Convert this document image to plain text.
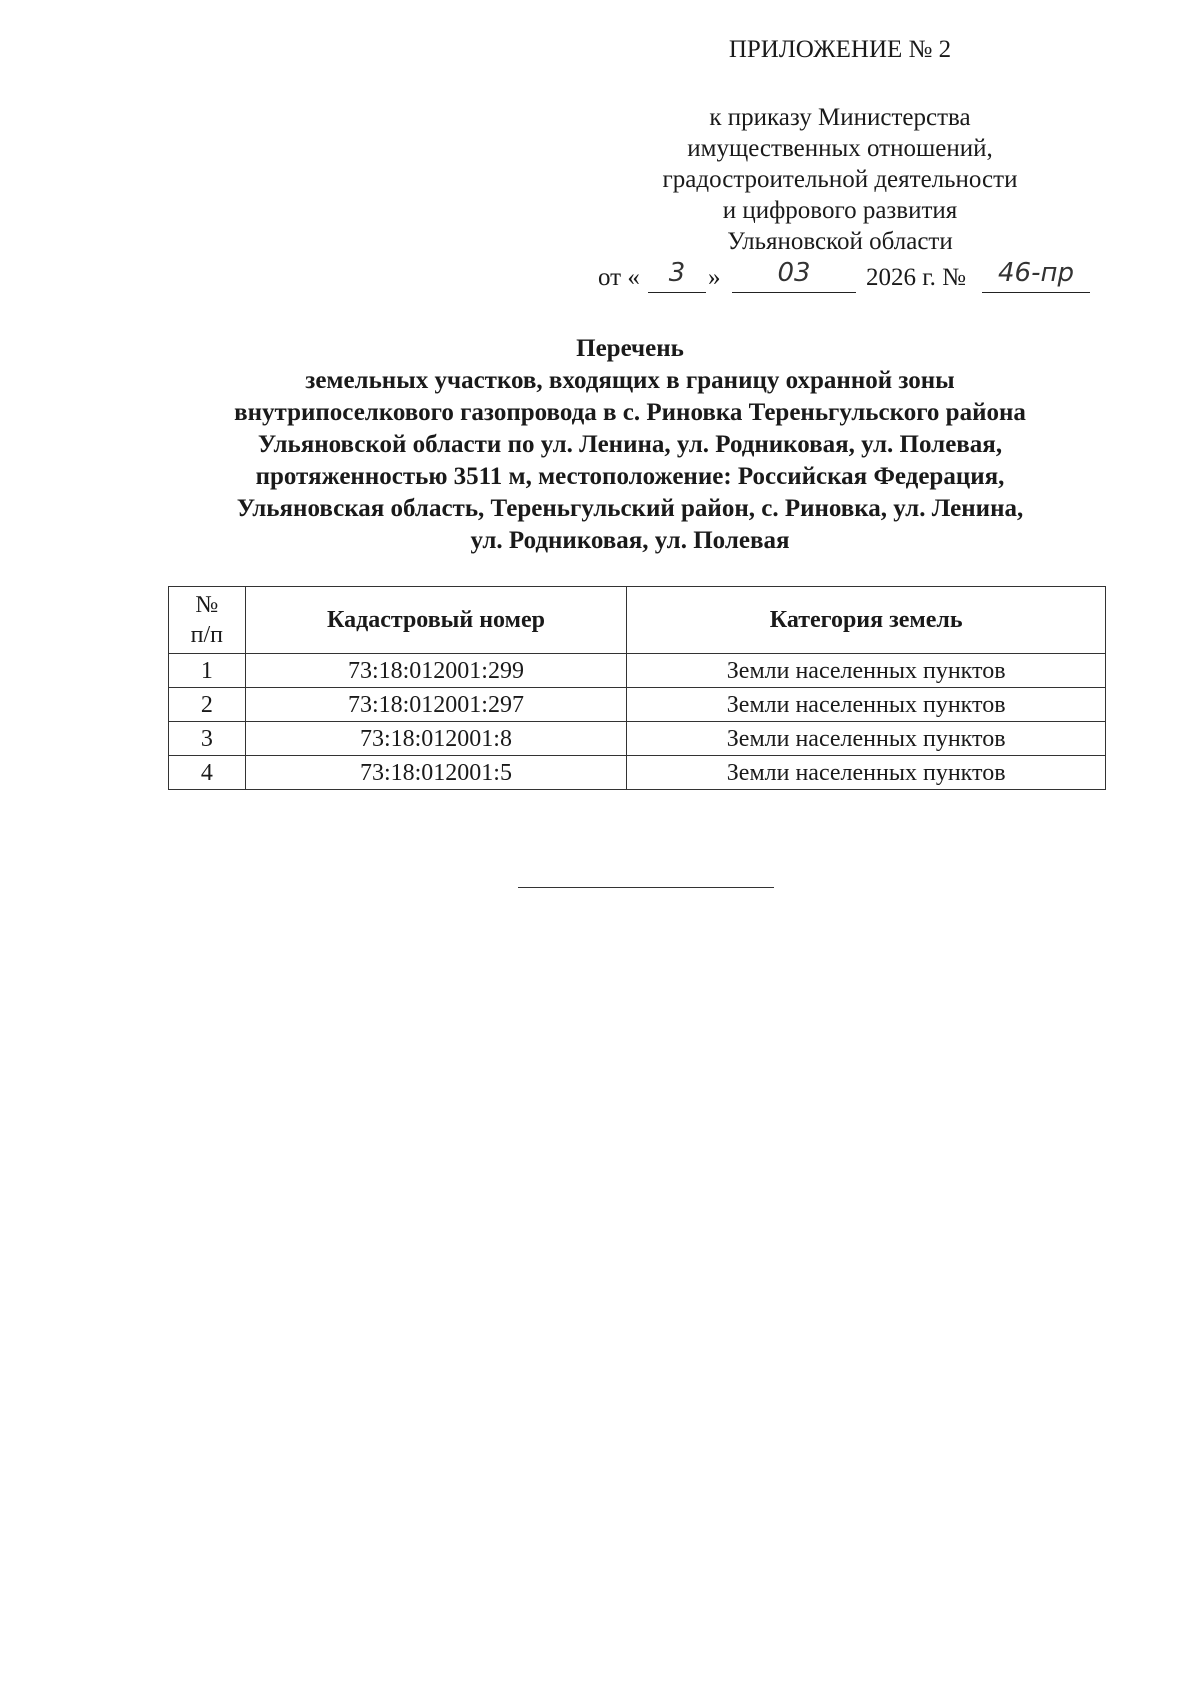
ПРИЛОЖЕНИЕ № 2
к приказу Министерства
имущественных отношений,
градостроительной деятельности
и цифрового развития
Ульяновской области
от «	3 »	03	2026 г. №	46-пр
Перечень
земельных участков, входящих в границу охранной зоны
внутрипоселкового газопровода в с. Риновка Тереньгульского района
Ульяновской области по ул. Ленина, ул. Родниковая, ул. Полевая,
протяженностью 3511 м, местоположение: Российская Федерация,
Ульяновская область, Тереньгульский район, с. Риновка, ул. Ленина,
ул. Родниковая, ул. Полевая
№
п/п	Кадастровый номер	Категория земель
1	73:18:012001:299	Земли населенных пунктов
2	73:18:012001:297	Земли населенных пунктов
3	73:18:012001:8	Земли населенных пунктов
4	73:18:012001:5	Земли населенных пунктов
